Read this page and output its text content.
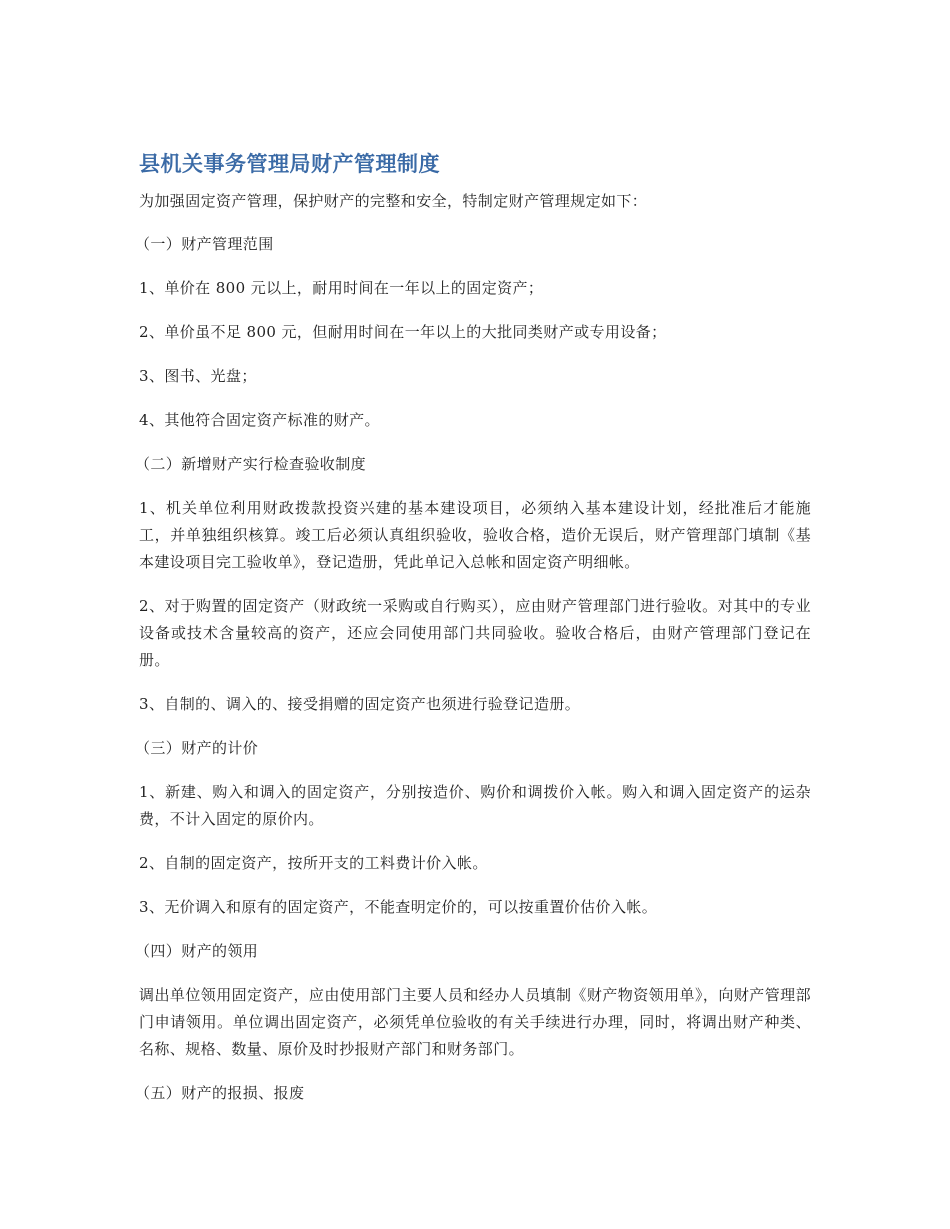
县机关事务管理局财产管理制度

为加强固定资产管理，保护财产的完整和安全，特制定财产管理规定如下：

（一）财产管理范围

1、单价在 800 元以上，耐用时间在一年以上的固定资产；

2、单价虽不足 800 元，但耐用时间在一年以上的大批同类财产或专用设备；

3、图书、光盘；

4、其他符合固定资产标准的财产。

（二）新增财产实行检查验收制度

1、机关单位利用财政拨款投资兴建的基本建设项目，必须纳入基本建设计划，经批准后才能施工，并单独组织核算。竣工后必须认真组织验收，验收合格，造价无误后，财产管理部门填制《基本建设项目完工验收单》，登记造册，凭此单记入总帐和固定资产明细帐。

2、对于购置的固定资产（财政统一采购或自行购买），应由财产管理部门进行验收。对其中的专业设备或技术含量较高的资产，还应会同使用部门共同验收。验收合格后，由财产管理部门登记在册。

3、自制的、调入的、接受捐赠的固定资产也须进行验登记造册。

（三）财产的计价

1、新建、购入和调入的固定资产，分别按造价、购价和调拨价入帐。购入和调入固定资产的运杂费，不计入固定的原价内。

2、自制的固定资产，按所开支的工料费计价入帐。

3、无价调入和原有的固定资产，不能查明定价的，可以按重置价估价入帐。

（四）财产的领用

调出单位领用固定资产，应由使用部门主要人员和经办人员填制《财产物资领用单》，向财产管理部门申请领用。单位调出固定资产，必须凭单位验收的有关手续进行办理，同时，将调出财产种类、名称、规格、数量、原价及时抄报财产部门和财务部门。

（五）财产的报损、报废
